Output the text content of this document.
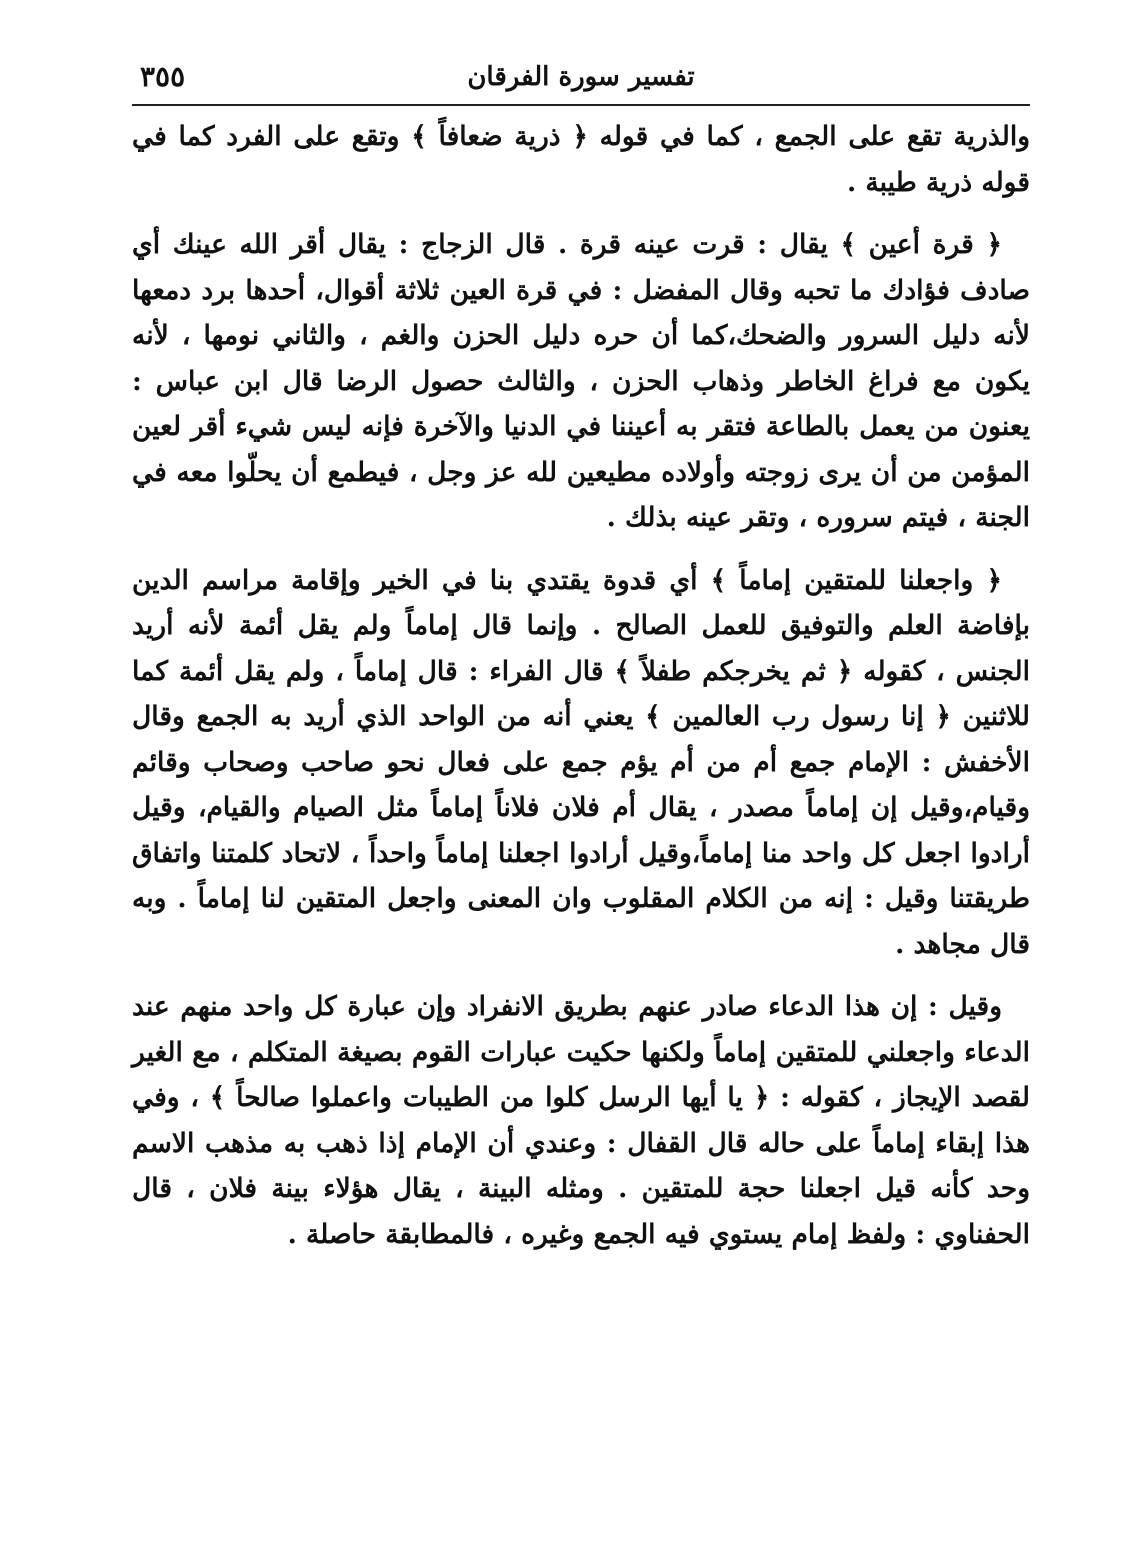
٣٥٥	تفسير سورة الفرقان

والذرية تقع على الجمع ، كما في قوله ﴿ ذرية ضعافاً ﴾ وتقع على الفرد كما في قوله ذرية طيبة .

﴿ قرة أعين ﴾ يقال : قرت عينه قرة . قال الزجاج : يقال أقر الله عينك أي صادف فؤادك ما تحبه وقال المفضل : في قرة العين ثلاثة أقوال، أحدها برد دمعها لأنه دليل السرور والضحك،كما أن حره دليل الحزن والغم ، والثاني نومها ، لأنه يكون مع فراغ الخاطر وذهاب الحزن ، والثالث حصول الرضا قال ابن عباس : يعنون من يعمل بالطاعة فتقر به أعيننا في الدنيا والآخرة فإنه ليس شيء أقر لعين المؤمن من أن يرى زوجته وأولاده مطيعين لله عز وجل ، فيطمع أن يحلّوا معه في الجنة ، فيتم سروره ، وتقر عينه بذلك .

﴿ واجعلنا للمتقين إماماً ﴾ أي قدوة يقتدي بنا في الخير وإقامة مراسم الدين بإفاضة العلم والتوفيق للعمل الصالح . وإنما قال إماماً ولم يقل أئمة لأنه أريد الجنس ، كقوله ﴿ ثم يخرجكم طفلاً ﴾ قال الفراء : قال إماماً ، ولم يقل أئمة كما للاثنين ﴿ إنا رسول رب العالمين ﴾ يعني أنه من الواحد الذي أريد به الجمع وقال الأخفش : الإمام جمع أم من أم يؤم جمع على فعال نحو صاحب وصحاب وقائم وقيام،وقيل إن إماماً مصدر ، يقال أم فلان فلاناً إماماً مثل الصيام والقيام، وقيل أرادوا اجعل كل واحد منا إماماً،وقيل أرادوا اجعلنا إماماً واحداً ، لاتحاد كلمتنا واتفاق طريقتنا وقيل : إنه من الكلام المقلوب وان المعنى واجعل المتقين لنا إماماً . وبه قال مجاهد .

وقيل : إن هذا الدعاء صادر عنهم بطريق الانفراد وإن عبارة كل واحد منهم عند الدعاء واجعلني للمتقين إماماً ولكنها حكيت عبارات القوم بصيغة المتكلم ، مع الغير لقصد الإيجاز ، كقوله : ﴿ يا أيها الرسل كلوا من الطيبات واعملوا صالحاً ﴾ ، وفي هذا إبقاء إماماً على حاله قال القفال : وعندي أن الإمام إذا ذهب به مذهب الاسم وحد كأنه قيل اجعلنا حجة للمتقين . ومثله البينة ، يقال هؤلاء بينة فلان ، قال الحفناوي : ولفظ إمام يستوي فيه الجمع وغيره ، فالمطابقة حاصلة .
